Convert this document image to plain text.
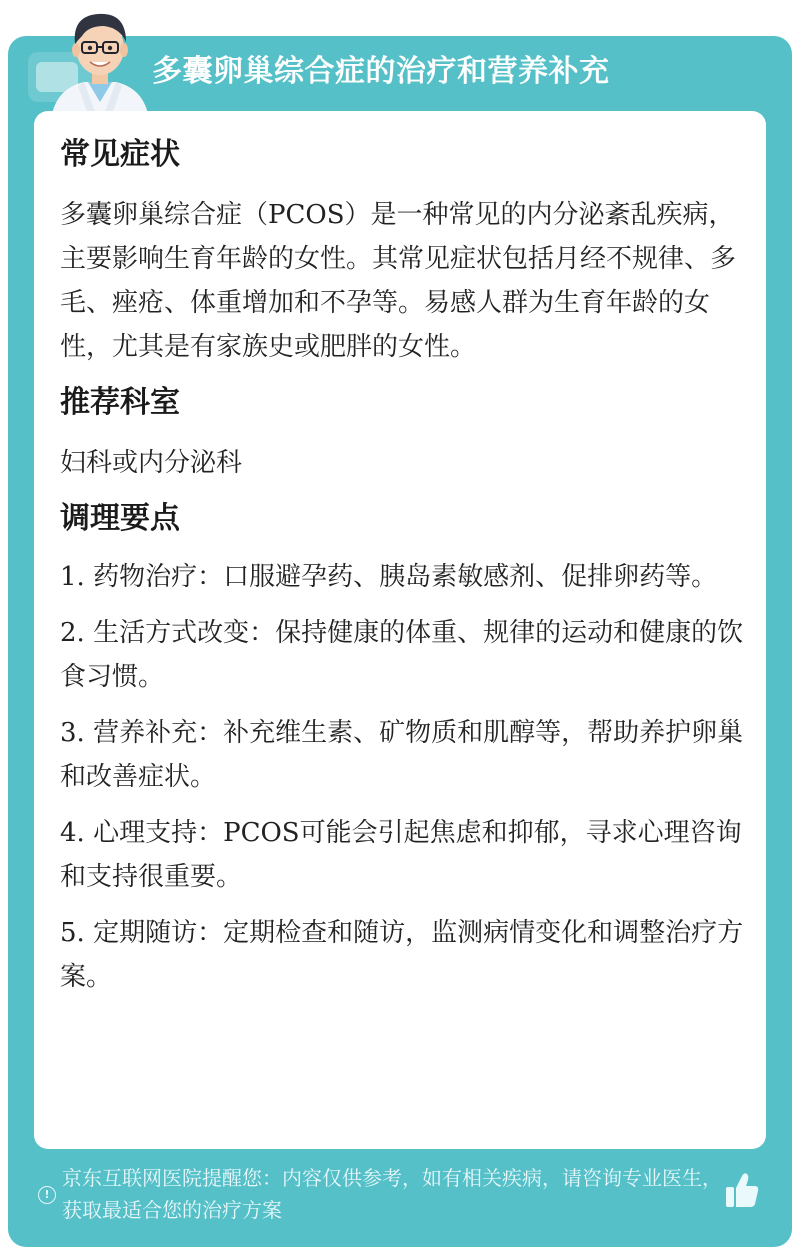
多囊卵巢综合症的治疗和营养补充
常见症状

多囊卵巢综合症（PCOS）是一种常见的内分泌紊乱疾病，主要影响生育年龄的女性。其常见症状包括月经不规律、多毛、痤疮、体重增加和不孕等。易感人群为生育年龄的女性，尤其是有家族史或肥胖的女性。

推荐科室

妇科或内分泌科

调理要点

1. 药物治疗：口服避孕药、胰岛素敏感剂、促排卵药等。

2. 生活方式改变：保持健康的体重、规律的运动和健康的饮食习惯。

3. 营养补充：补充维生素、矿物质和肌醇等，帮助养护卵巢和改善症状。

4. 心理支持：PCOS可能会引起焦虑和抑郁，寻求心理咨询和支持很重要。

5. 定期随访：定期检查和随访，监测病情变化和调整治疗方案。

!
京东互联网医院提醒您：内容仅供参考，如有相关疾病，请咨询专业医生，获取最适合您的治疗方案
